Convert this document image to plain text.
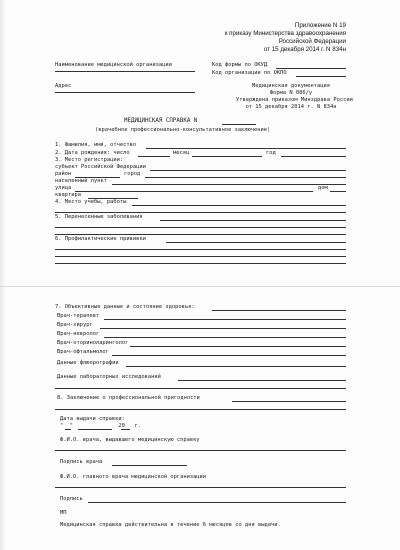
Приложение N 19
к приказу Министерства здравоохранения
Российской Федерации
от 15 декабря 2014 г. N 834н
Наименование медицинской организации
Адрес
Код формы по ОКУД
Код организации по ОКПО
Медицинская документация
Форма N 086/у
Утверждена приказом Минздрава России
от 15 декабря 2014 г. N 834н
МЕДИЦИНСКАЯ СПРАВКА N
(врачебное профессионально-консультативное заключение)
1. Фамилия, имя, отчество
2. Дата рождения: число	месяц	год
3. Место регистрации:
субъект Российской Федерации
район	город
населенный пункт
улица	дом
квартира
4. Место учебы, работы
5. Перенесенные заболевания
6. Профилактические прививки
7. Объективные данные и состояние здоровья:
Врач-терапевт
Врач-хирург
Врач-невролог
Врач-оториноларинголог
Врач-офтальмолог
Данные флюорографии
Данные лабораторных исследований
8. Заключение о профессиональной пригодности
Дата выдачи справки:
"  "              20   г.
Ф.И.О. врача, выдавшего медицинскую справку
Подпись врача
Ф.И.О. главного врача медицинской организации
Подпись
МП
Медицинская справка действительна в течение 6 месяцев со дня выдачи.
